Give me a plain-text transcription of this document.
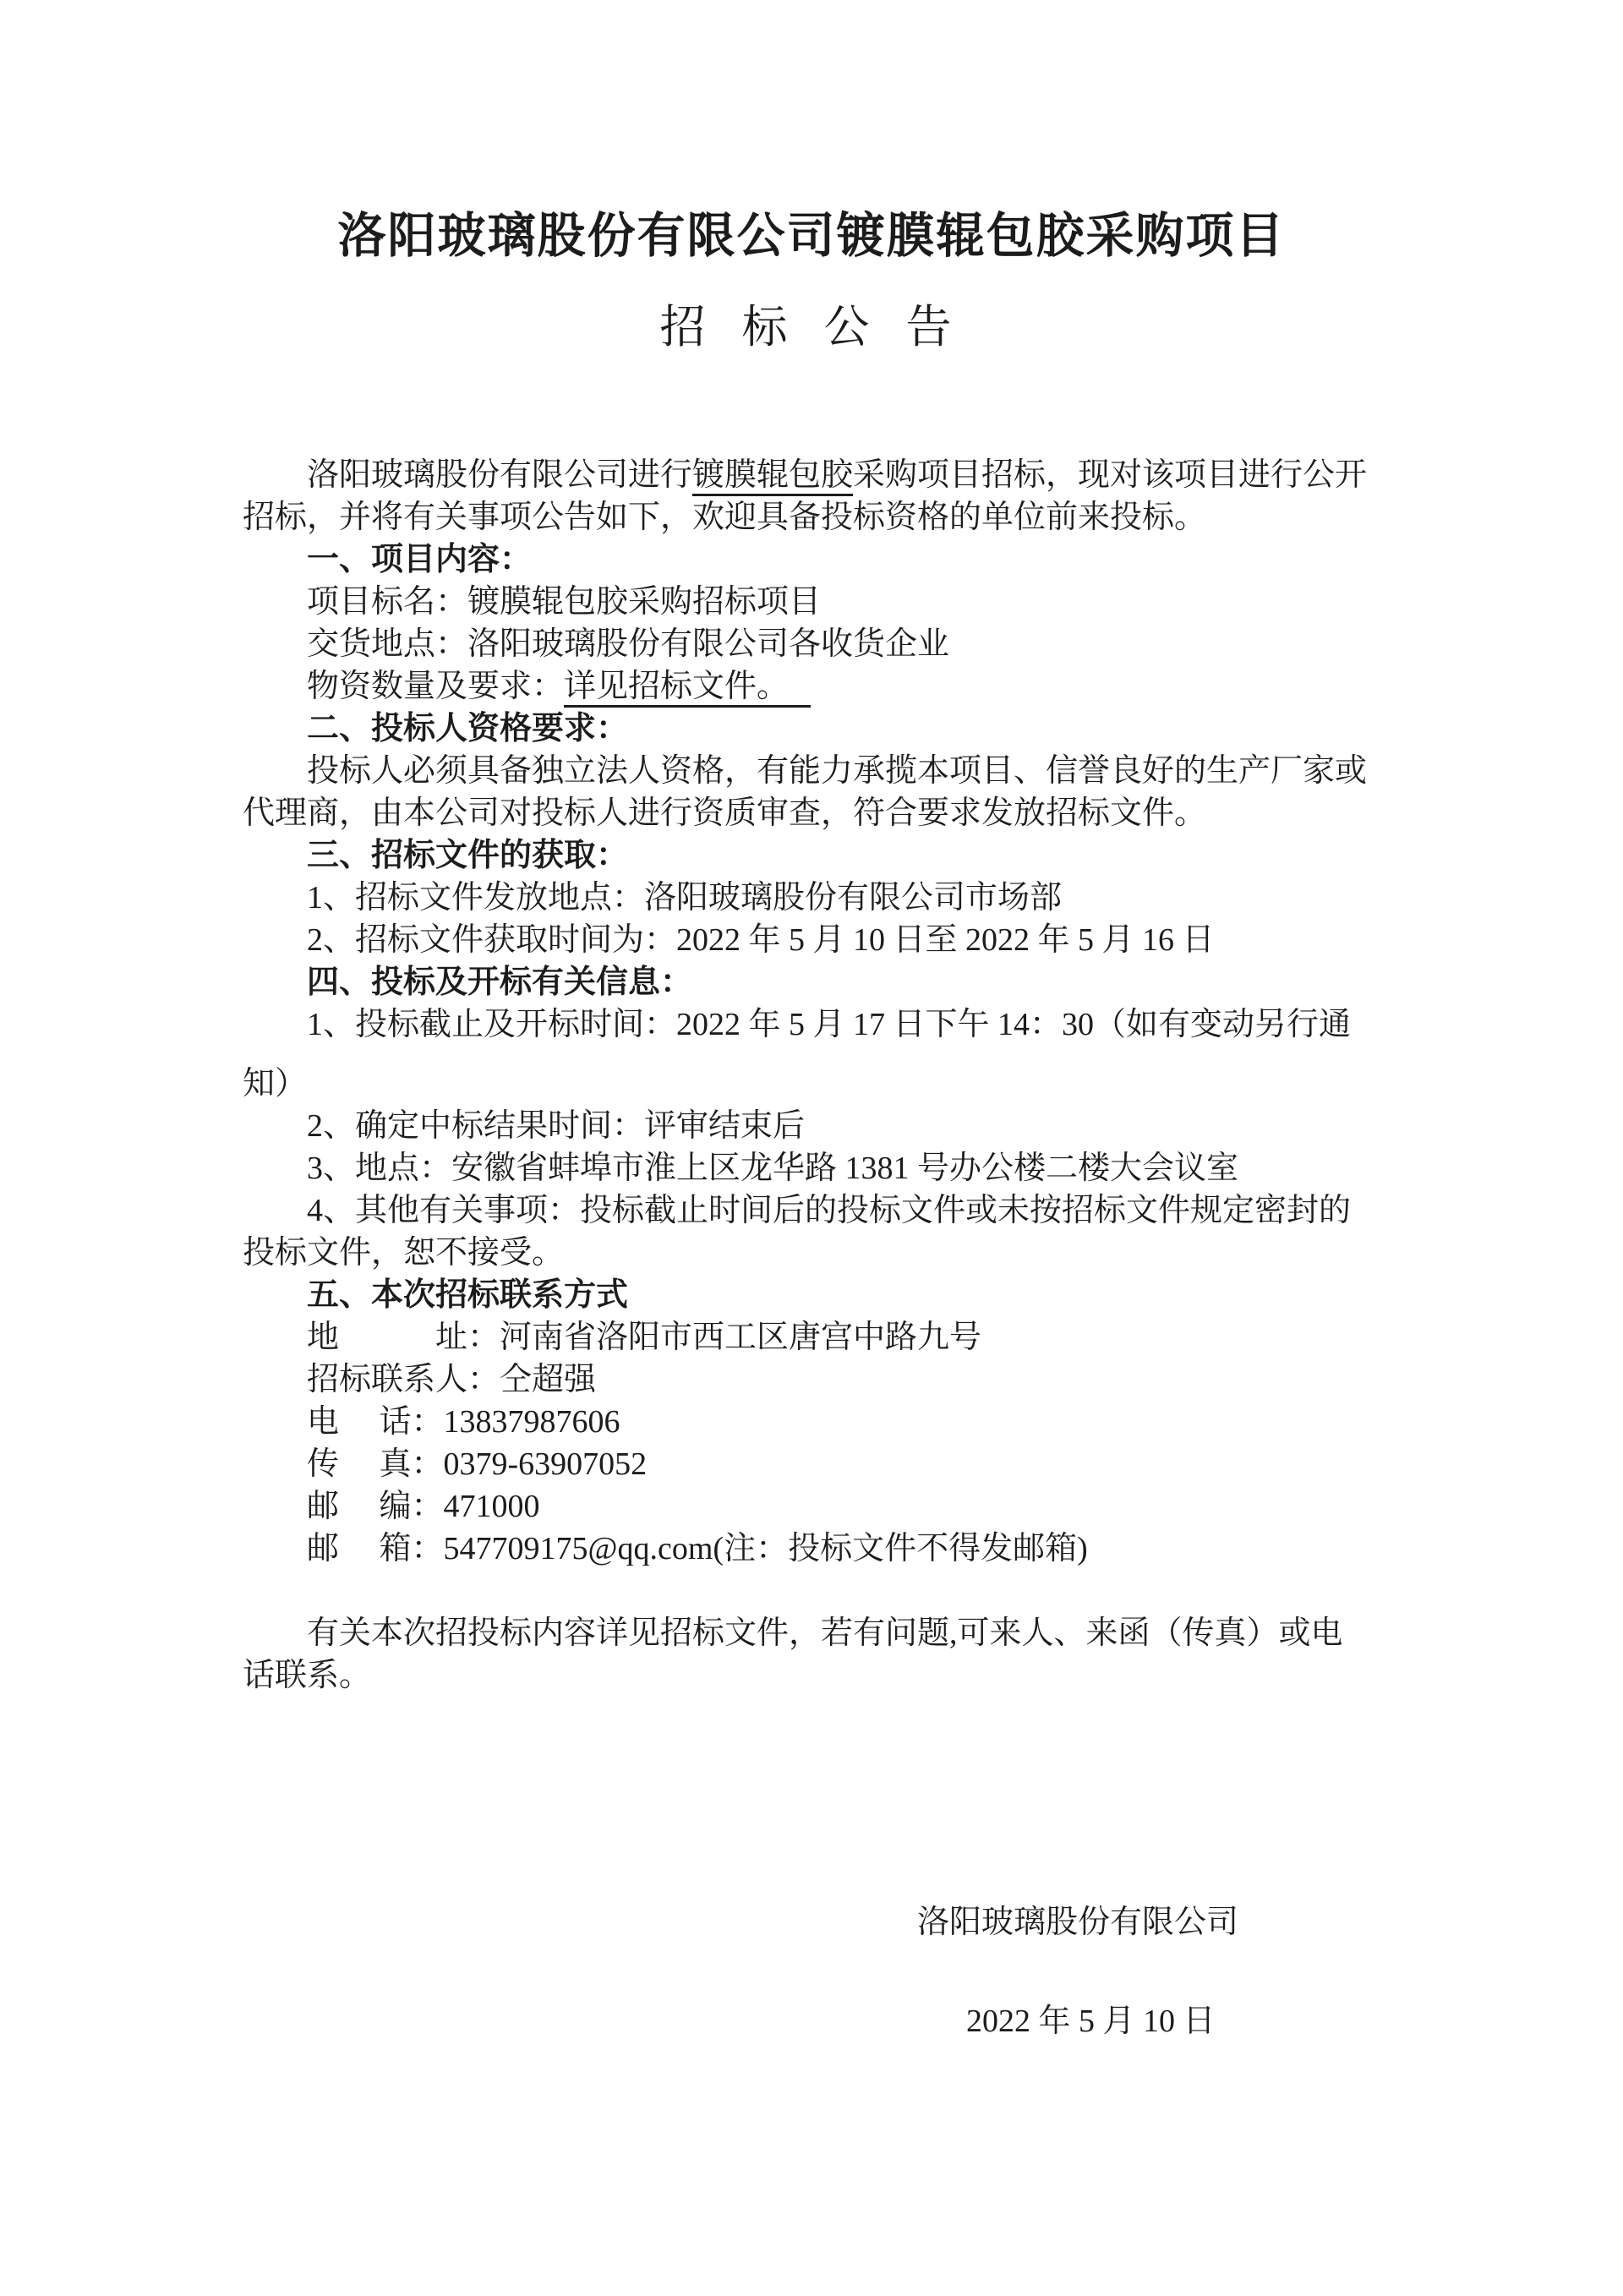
洛阳玻璃股份有限公司镀膜辊包胶采购项目
招 标 公 告

洛阳玻璃股份有限公司进行镀膜辊包胶采购项目招标，现对该项目进行公开

招标，并将有关事项公告如下，欢迎具备投标资格的单位前来投标。

一、项目内容：

项目标名：镀膜辊包胶采购招标项目

交货地点：洛阳玻璃股份有限公司各收货企业

物资数量及要求：详见招标文件。

二、投标人资格要求：

投标人必须具备独立法人资格，有能力承揽本项目、信誉良好的生产厂家或

代理商，由本公司对投标人进行资质审查，符合要求发放招标文件。

三、招标文件的获取：

1、招标文件发放地点：洛阳玻璃股份有限公司市场部

2、招标文件获取时间为：2022 年 5 月 10 日至 2022 年 5 月 16 日

四、投标及开标有关信息：

1、投标截止及开标时间：2022 年 5 月 17 日下午 14：30（如有变动另行通

知）

2、确定中标结果时间：评审结束后

3、地点：安徽省蚌埠市淮上区龙华路 1381 号办公楼二楼大会议室

4、其他有关事项：投标截止时间后的投标文件或未按招标文件规定密封的

投标文件，恕不接受。

五、本次招标联系方式

地　　　址：河南省洛阳市西工区唐宫中路九号

招标联系人：仝超强

电　 话：13837987606

传　 真：0379-63907052

邮　 编：471000

邮　 箱：547709175@qq.com(注：投标文件不得发邮箱)

有关本次招投标内容详见招标文件，若有问题,可来人、来函（传真）或电

话联系。

洛阳玻璃股份有限公司

2022 年 5 月 10 日
